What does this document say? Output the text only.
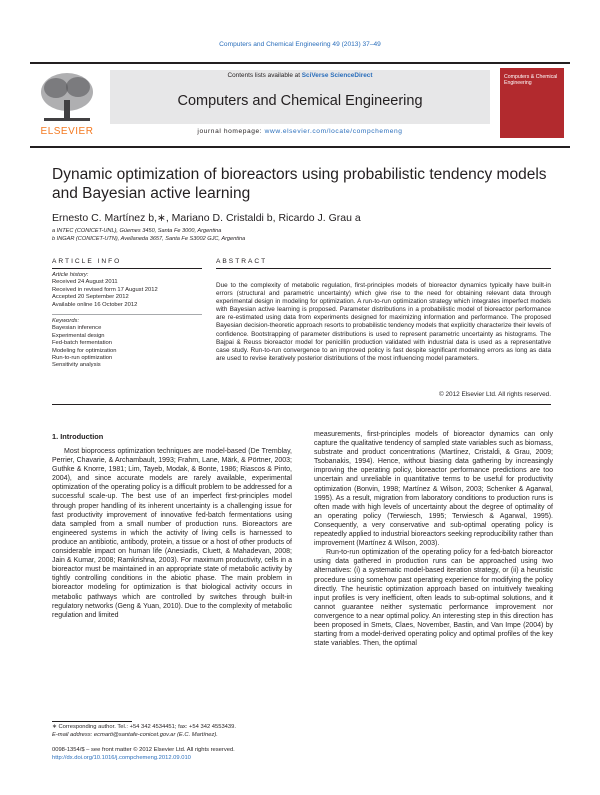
Computers and Chemical Engineering 49 (2013) 37–49
ELSEVIER
Contents lists available at SciVerse ScienceDirect
Computers and Chemical Engineering
journal homepage: www.elsevier.com/locate/compchemeng
Computers & Chemical Engineering
Dynamic optimization of bioreactors using probabilistic tendency models and Bayesian active learning
Ernesto C. Martínez b,∗, Mariano D. Cristaldi b, Ricardo J. Grau a
a INTEC (CONICET-UNL), Güemes 3450, Santa Fe 3000, Argentina
b INGAR (CONICET-UTN), Avellaneda 3657, Santa Fe S3002 GJC, Argentina
ARTICLE INFO
Article history:
Received 24 August 2011
Received in revised form 17 August 2012
Accepted 20 September 2012
Available online 16 October 2012
Keywords:
Bayesian inference
Experimental design
Fed-batch fermentation
Modeling for optimization
Run-to-run optimization
Sensitivity analysis
ABSTRACT
Due to the complexity of metabolic regulation, first-principles models of bioreactor dynamics typically have built-in errors (structural and parametric uncertainty) which give rise to the need for obtaining relevant data through experimental design in modeling for optimization. A run-to-run optimization strategy which integrates imperfect models with Bayesian active learning is proposed. Parameter distributions in a probabilistic model of bioreactor performance are re-estimated using data from experiments designed for maximizing information and performance. The proposed Bayesian decision-theoretic approach resorts to probabilistic tendency models that explicitly characterize their levels of confidence. Bootstrapping of parameter distributions is used to represent parametric uncertainty as histograms. The Bajpai & Reuss bioreactor model for penicillin production validated with industrial data is used as a representative case study. Run-to-run convergence to an improved policy is fast despite significant modeling errors as long as data are used to revise iteratively posterior distributions of the most influencing model parameters.
© 2012 Elsevier Ltd. All rights reserved.
1. Introduction

Most bioprocess optimization techniques are model-based (De Tremblay, Perrier, Chavarie, & Archambault, 1993; Frahm, Lane, Märk, & Pörtner, 2003; Guthke & Knorre, 1981; Lim, Tayeb, Modak, & Bonte, 1986; Riascos & Pinto, 2004), and since accurate models are rarely available, experimental optimization of the operating policy is a difficult problem to be addressed for a successful scale-up. The best use of an imperfect first-principles model through proper handling of its inherent uncertainty is a challenging issue for fast productivity improvement of innovative fed-batch fermentations using data sampled from a small number of production runs. Bioreactors are engineered systems in which the activity of living cells is harnessed to produce an antibiotic, antibody, protein, a tissue or a host of other products of considerable impact on human life (Anesiadis, Cluett, & Mahadevan, 2008; Jain & Kumar, 2008; Ramkrishna, 2003). For maximum productivity, cells in a bioreactor must be maintained in an appropriate state of metabolic activity by tightly controlling conditions in the abiotic phase. The main problem in bioreactor modeling for optimization is that biological activity occurs in metabolic pathways which are controlled by switches through built-in regulatory networks (Geng & Yuan, 2010). Due to the complexity of metabolic regulation and limited

measurements, first-principles models of bioreactor dynamics can only capture the qualitative tendency of sampled state variables such as biomass, substrate and product concentrations (Martínez, Cristaldi, & Grau, 2009; Tsobanakis, 1994). Hence, without biasing data gathering by increasingly improving the operating policy, bioreactor performance predictions are too uncertain and unreliable in quantitative terms to be useful for productivity optimization (Bonvin, 1998; Martínez & Wilson, 2003; Schenker & Agarwal, 1995). As a result, migration from laboratory conditions to production runs is often made with high levels of uncertainty about the degree of optimality of an operating policy (Terwiesch, 1995; Terwiesch & Agarwal, 1995). Consequently, a very conservative and sub-optimal operating policy is repeatedly applied to industrial bioreactors seeking reproducibility rather than improvement (Martínez & Wilson, 2003).

Run-to-run optimization of the operating policy for a fed-batch bioreactor using data gathered in production runs can be approached using two alternatives: (i) a systematic model-based iteration strategy, or (ii) a heuristic procedure using somehow past operating experience for modifying the policy directly. The heuristic optimization approach based on intuitively tweaking input profiles is very inefficient, often leads to sub-optimal solutions, and it cannot guarantee neither systematic performance improvement nor convergence to a near optimal policy. An interesting step in this direction has been proposed in Smets, Claes, November, Bastin, and Van Impe (2004) by starting from a model-derived operating policy and optimal profiles of the key state variables. Then, the optimal

∗ Corresponding author. Tel.: +54 342 4534451; fax: +54 342 4553439.
E-mail address: ecmarti@santafe-conicet.gov.ar (E.C. Martínez).
0098-1354/$ – see front matter © 2012 Elsevier Ltd. All rights reserved.
http://dx.doi.org/10.1016/j.compchemeng.2012.09.010
